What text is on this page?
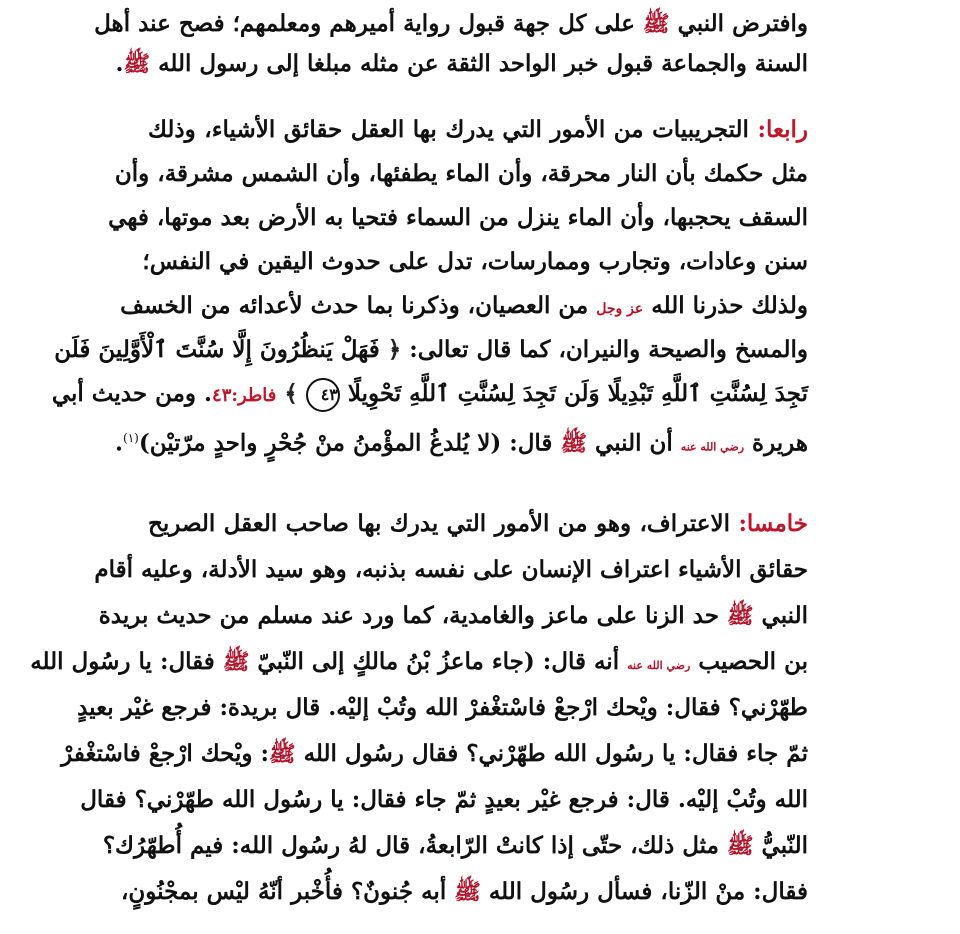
وافترض النبي ﷺ على كل جهة قبول رواية أميرهم ومعلمهم؛ فصح عند أهل
السنة والجماعة قبول خبر الواحد الثقة عن مثله مبلغا إلى رسول الله ﷺ.
رابعا: التجريبيات من الأمور التي يدرك بها العقل حقائق الأشياء، وذلك
مثل حكمك بأن النار محرقة، وأن الماء يطفئها، وأن الشمس مشرقة، وأن
السقف يحجبها، وأن الماء ينزل من السماء فتحيا به الأرض بعد موتها، فهي
سنن وعادات، وتجارب وممارسات، تدل على حدوث اليقين في النفس؛
ولذلك حذرنا الله عز وجل من العصيان، وذكرنا بما حدث لأعدائه من الخسف
والمسخ والصيحة والنيران، كما قال تعالى: ﴿ فَهَلْ يَنظُرُونَ إِلَّا سُنَّتَ ٱلْأَوَّلِينَ فَلَن
تَجِدَ لِسُنَّتِ ٱللَّهِ تَبْدِيلًا وَلَن تَجِدَ لِسُنَّتِ ٱللَّهِ تَحْوِيلًا ٤٣ ﴾ فاطر:٤٣. ومن حديث أبي
هريرة رضي الله عنه أن النبي ﷺ قال: (لا يُلدغُ المؤْمنُ منْ جُحْرٍ واحدٍ مرّتيْن)$^{(١)}$.
خامسا: الاعتراف، وهو من الأمور التي يدرك بها صاحب العقل الصريح
حقائق الأشياء اعتراف الإنسان على نفسه بذنبه، وهو سيد الأدلة، وعليه أقام
النبي ﷺ حد الزنا على ماعز والغامدية، كما ورد عند مسلم من حديث بريدة
بن الحصيب رضي الله عنه أنه قال: (جاء ماعزُ بْنُ مالكٍ إلى النّبيّ ﷺ فقال: يا رسُول الله
طهّرْني؟ فقال: ويْحك ارْجعْ فاسْتغْفرْ الله وتُبْ إليْه. قال بريدة: فرجع غيْر بعيدٍ
ثمّ جاء فقال: يا رسُول الله طهّرْني؟ فقال رسُول الله ﷺ: ويْحك ارْجعْ فاسْتغْفرْ
الله وتُبْ إليْه. قال: فرجع غيْر بعيدٍ ثمّ جاء فقال: يا رسُول الله طهّرْني؟ فقال
النّبيُّ ﷺ مثل ذلك، حتّى إذا كانتْ الرّابعةُ، قال لهُ رسُول الله: فيم أُطهّرُك؟
فقال: منْ الزّنا، فسأل رسُول الله ﷺ أبه جُنونٌ؟ فأُخْبر أنّهُ ليْس بمجْنُونٍ،
